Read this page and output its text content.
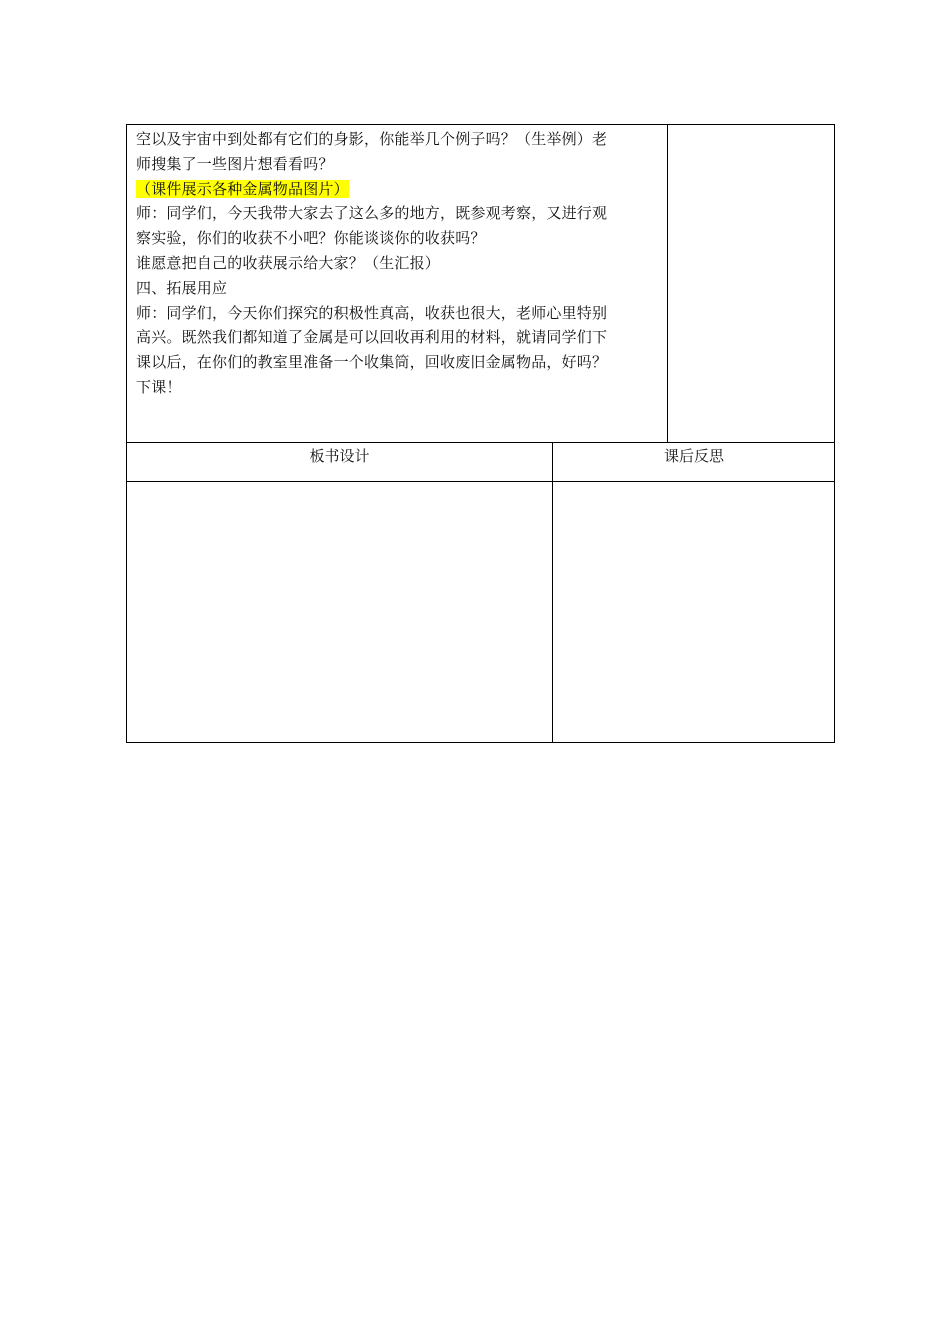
空以及宇宙中到处都有它们的身影，你能举几个例子吗？（生举例）老
师搜集了一些图片想看看吗？
（课件展示各种金属物品图片）
师：同学们，今天我带大家去了这么多的地方，既参观考察，又进行观
察实验，你们的收获不小吧？你能谈谈你的收获吗？
谁愿意把自己的收获展示给大家？（生汇报）
四、拓展用应
师：同学们，今天你们探究的积极性真高，收获也很大，老师心里特别
高兴。既然我们都知道了金属是可以回收再利用的材料，就请同学们下
课以后，在你们的教室里准备一个收集筒，回收废旧金属物品，好吗？
下课！
板书设计	课后反思
